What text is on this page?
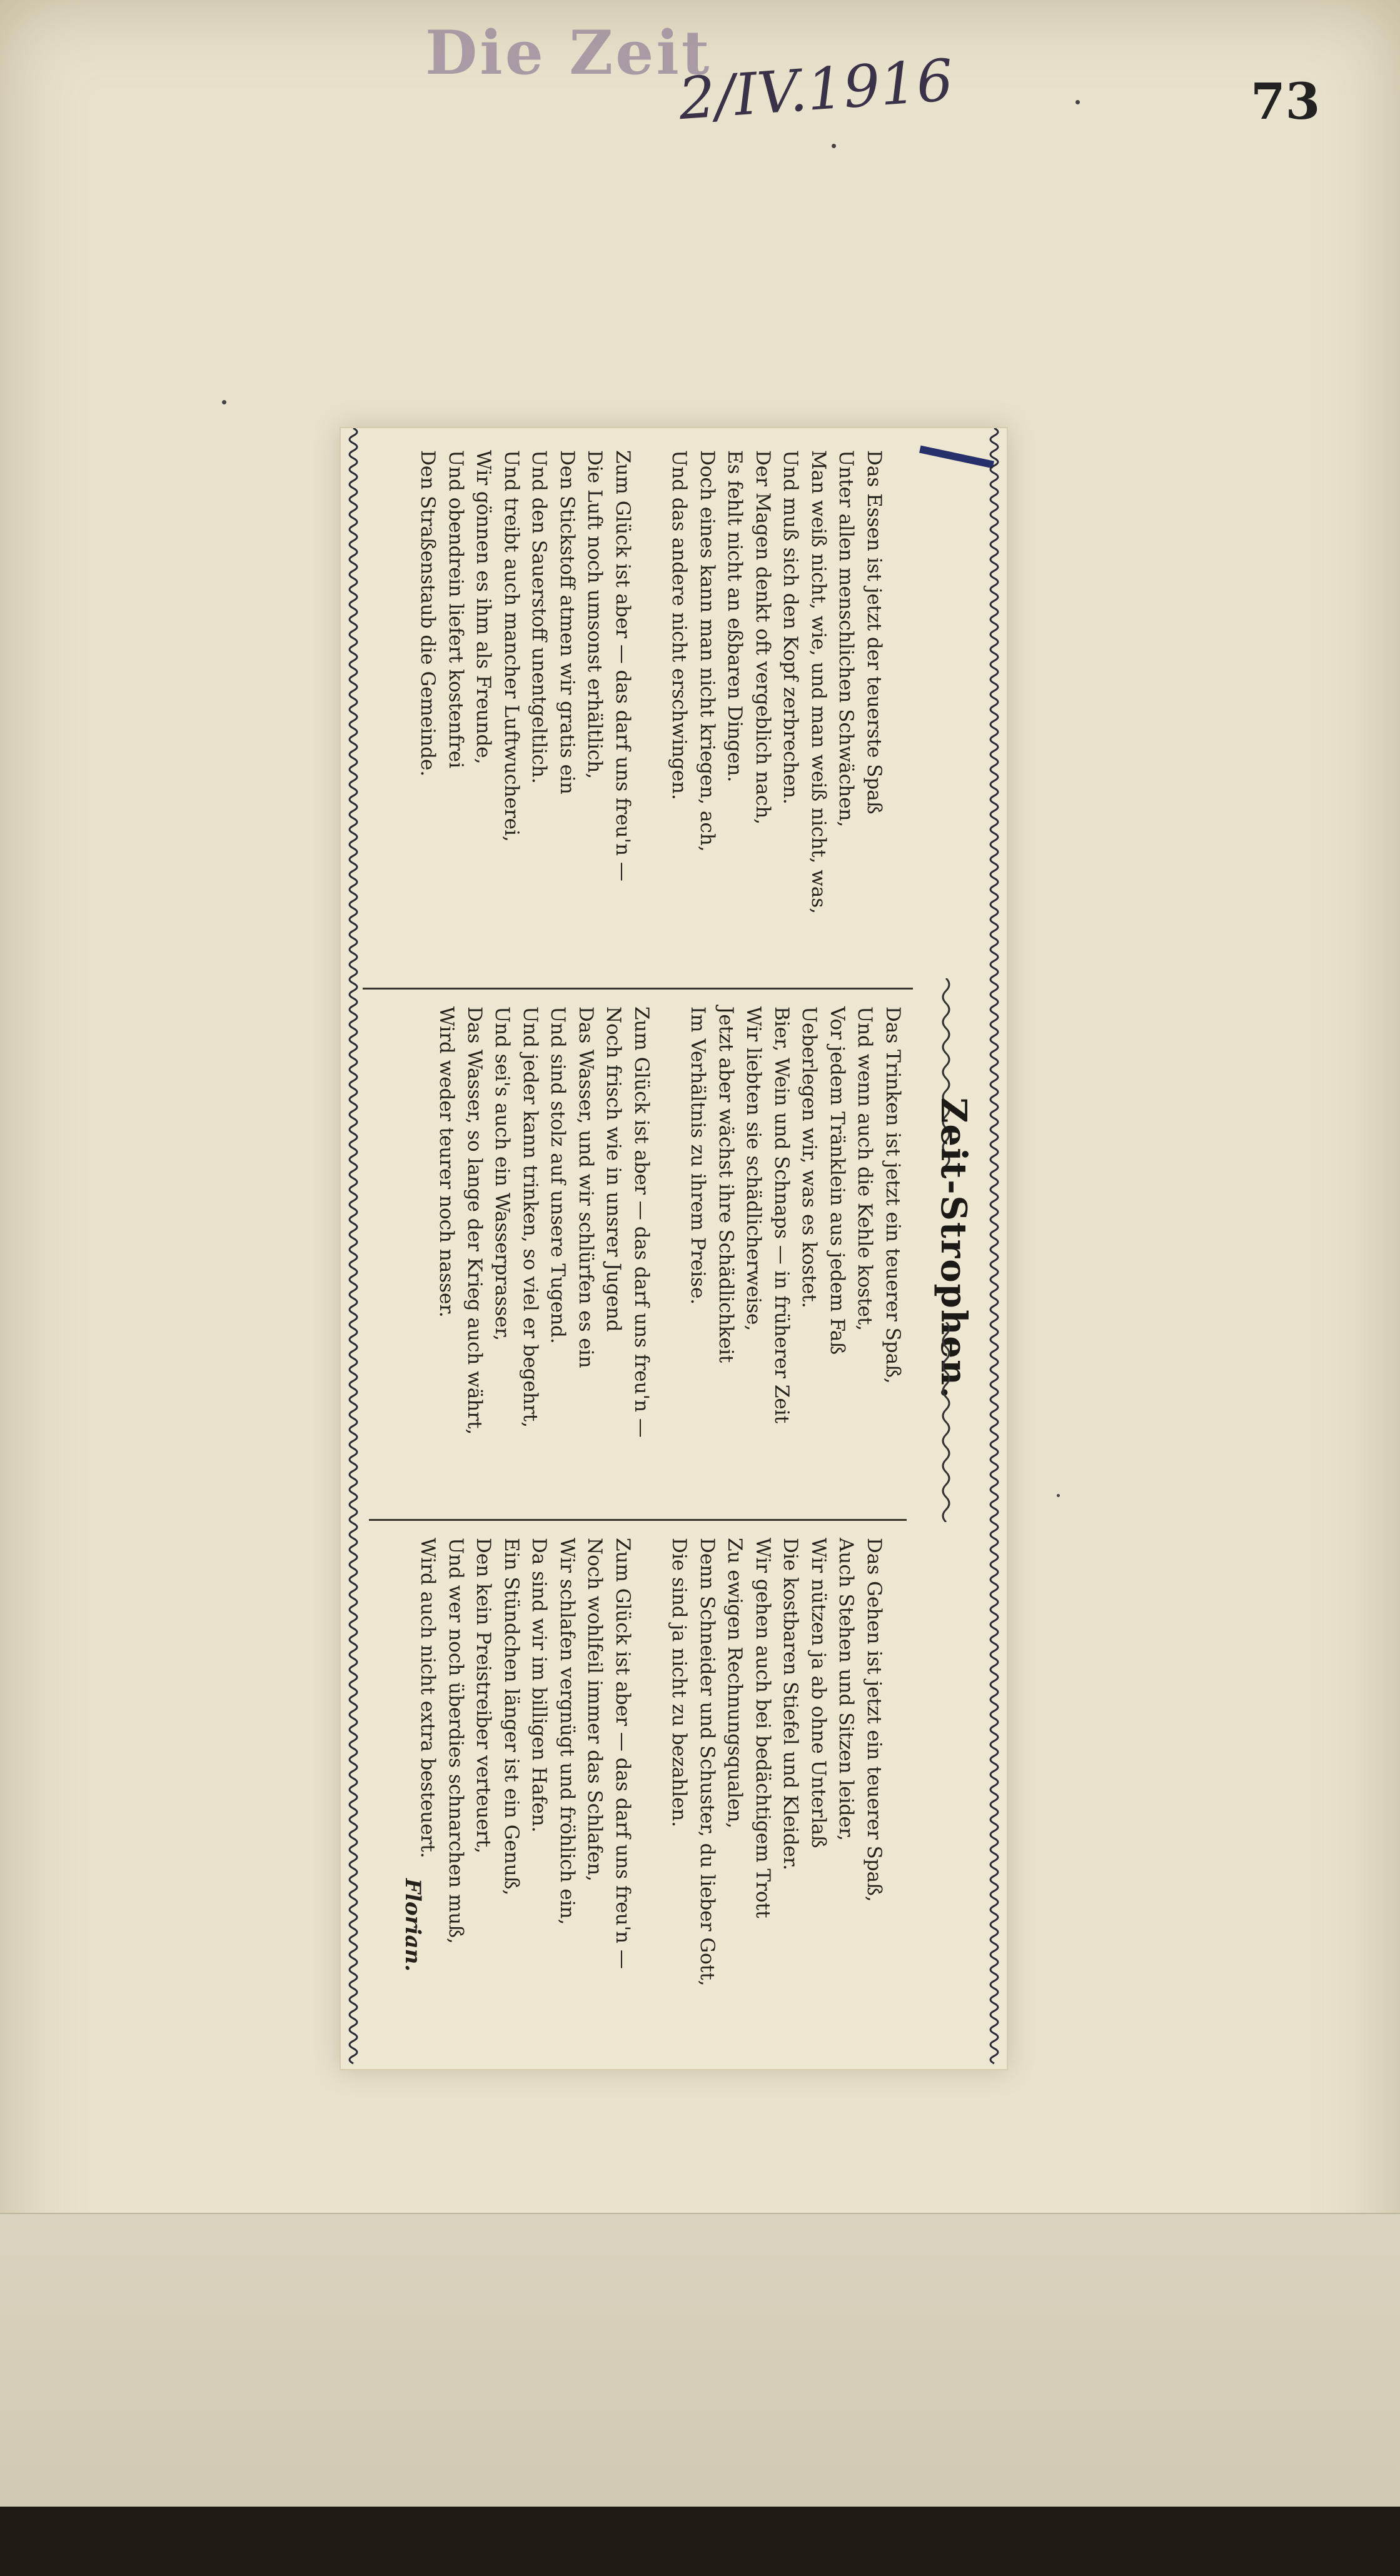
Die Zeit
2/IV.1916	73
Zeit-Strophen.
Das Essen ist jetzt der teuerste Spaß
Unter allen menschlichen Schwächen,
Man weiß nicht, wie, und man weiß nicht, was,
Und muß sich den Kopf zerbrechen.
Der Magen denkt oft vergeblich nach,
Es fehlt nicht an eßbaren Dingen.
Doch eines kann man nicht kriegen, ach,
Und das andere nicht erschwingen.
Zum Glück ist aber — das darf uns freu'n —
Die Luft noch umsonst erhältlich,
Den Stickstoff atmen wir gratis ein
Und den Sauerstoff unentgeltlich.
Und treibt auch mancher Luftwucherei,
Wir gönnen es ihm als Freunde,
Und obendrein liefert kostenfrei
Den Straßenstaub die Gemeinde.
Das Trinken ist jetzt ein teuerer Spaß,
Und wenn auch die Kehle kostet,
Vor jedem Tränklein aus jedem Faß
Ueberlegen wir, was es kostet.
Bier, Wein und Schnaps — in früherer Zeit
Wir liebten sie schädlicherweise,
Jetzt aber wächst ihre Schädlichkeit
Im Verhältnis zu ihrem Preise.
Zum Glück ist aber — das darf uns freu'n —
Noch frisch wie in unsrer Jugend
Das Wasser, und wir schlürfen es ein
Und sind stolz auf unsere Tugend.
Und jeder kann trinken, so viel er begehrt,
Und sei's auch ein Wasserprasser,
Das Wasser, so lange der Krieg auch währt,
Wird weder teurer noch nasser.
Das Gehen ist jetzt ein teuerer Spaß,
Auch Stehen und Sitzen leider,
Wir nützen ja ab ohne Unterlaß
Die kostbaren Stiefel und Kleider.
Wir gehen auch bei bedächtigem Trott
Zu ewigen Rechnungsqualen,
Denn Schneider und Schuster, du lieber Gott,
Die sind ja nicht zu bezahlen.
Zum Glück ist aber — das darf uns freu'n —
Noch wohlfeil immer das Schlafen,
Wir schlafen vergnügt und fröhlich ein,
Da sind wir im billigen Hafen.
Ein Stündchen länger ist ein Genuß,
Den kein Preistreiber verteuert,
Und wer noch überdies schnarchen muß,
Wird auch nicht extra besteuert.
Florian.
